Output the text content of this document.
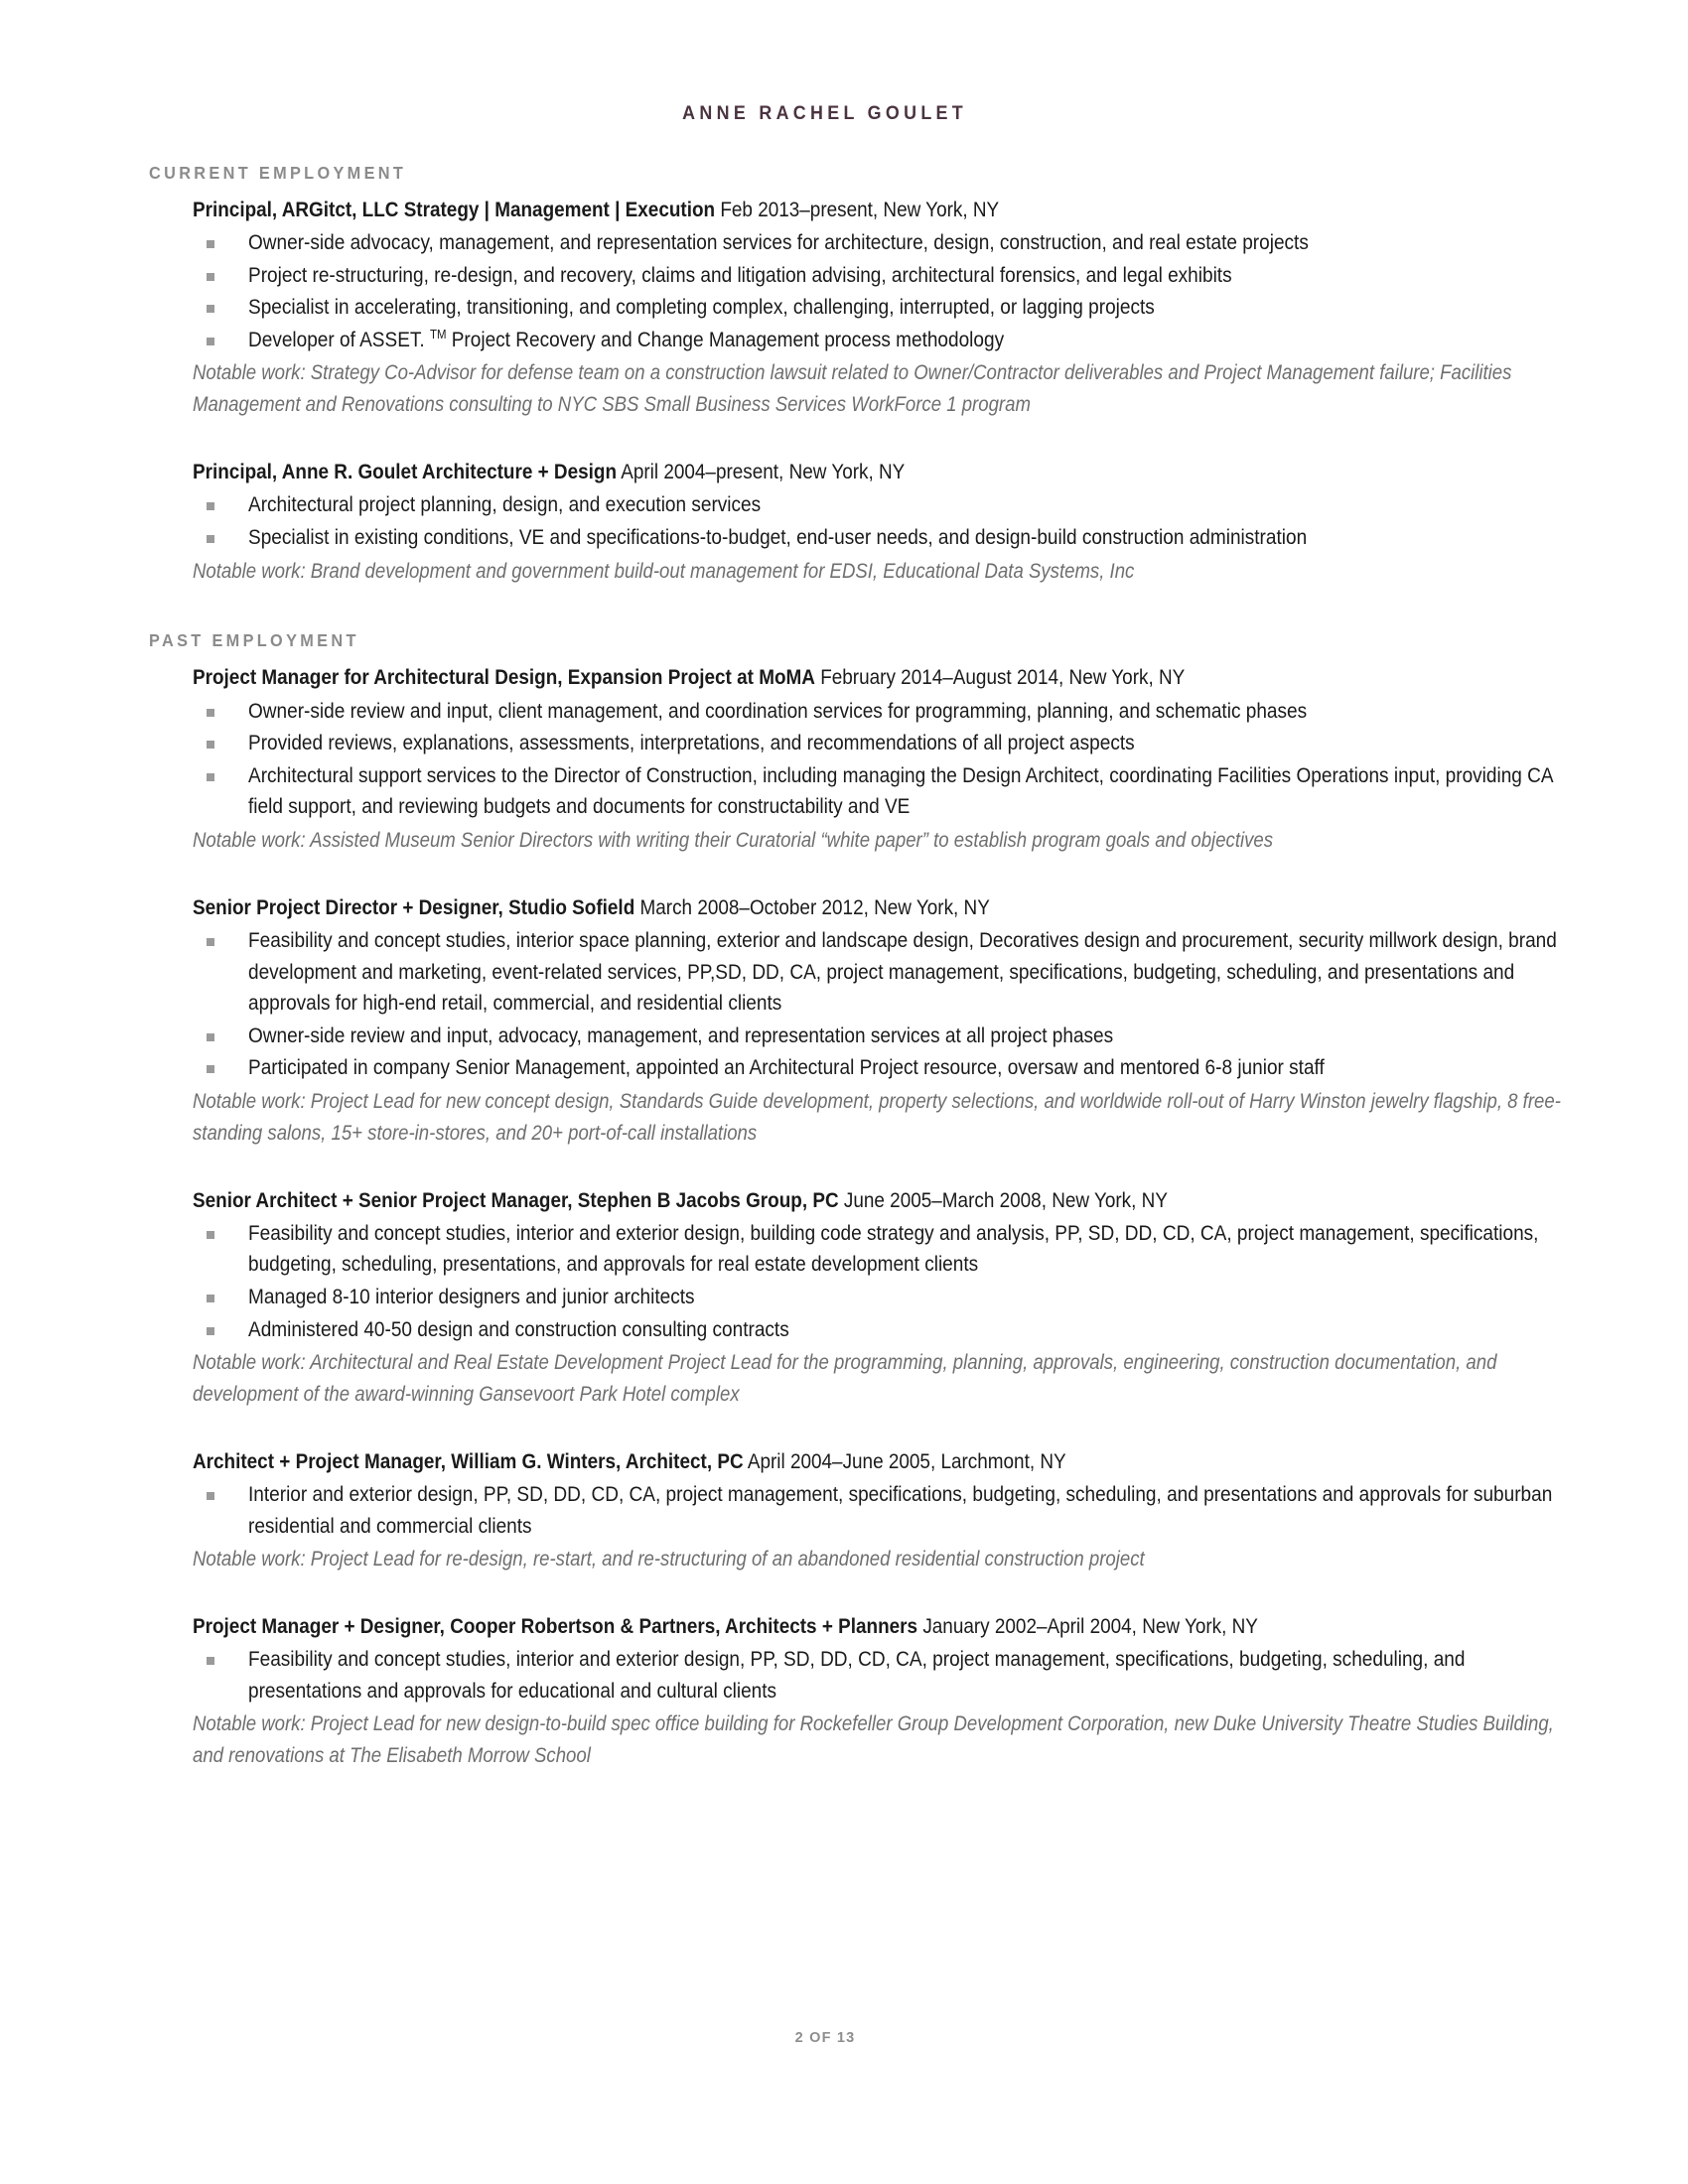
ANNE RACHEL GOULET
CURRENT EMPLOYMENT
Principal, ARGitct, LLC Strategy | Management | Execution Feb 2013–present, New York, NY
Owner-side advocacy, management, and representation services for architecture, design, construction, and real estate projects
Project re-structuring, re-design, and recovery, claims and litigation advising, architectural forensics, and legal exhibits
Specialist in accelerating, transitioning, and completing complex, challenging, interrupted, or lagging projects
Developer of ASSET. ™ Project Recovery and Change Management process methodology
Notable work: Strategy Co-Advisor for defense team on a construction lawsuit related to Owner/Contractor deliverables and Project Management failure; Facilities Management and Renovations consulting to NYC SBS Small Business Services WorkForce 1 program
Principal, Anne R. Goulet Architecture + Design April 2004–present, New York, NY
Architectural project planning, design, and execution services
Specialist in existing conditions, VE and specifications-to-budget, end-user needs, and design-build construction administration
Notable work: Brand development and government build-out management for EDSI, Educational Data Systems, Inc
PAST EMPLOYMENT
Project Manager for Architectural Design, Expansion Project at MoMA February 2014–August 2014, New York, NY
Owner-side review and input, client management, and coordination services for programming, planning, and schematic phases
Provided reviews, explanations, assessments, interpretations, and recommendations of all project aspects
Architectural support services to the Director of Construction, including managing the Design Architect, coordinating Facilities Operations input, providing CA field support, and reviewing budgets and documents for constructability and VE
Notable work: Assisted Museum Senior Directors with writing their Curatorial “white paper” to establish program goals and objectives
Senior Project Director + Designer, Studio Sofield March 2008–October 2012, New York, NY
Feasibility and concept studies, interior space planning, exterior and landscape design, Decoratives design and procurement, security millwork design, brand development and marketing, event-related services, PP,SD, DD, CA, project management, specifications, budgeting, scheduling, and presentations and approvals for high-end retail, commercial, and residential clients
Owner-side review and input, advocacy, management, and representation services at all project phases
Participated in company Senior Management, appointed an Architectural Project resource, oversaw and mentored 6-8 junior staff
Notable work: Project Lead for new concept design, Standards Guide development, property selections, and worldwide roll-out of Harry Winston jewelry flagship, 8 free-standing salons, 15+ store-in-stores, and 20+ port-of-call installations
Senior Architect + Senior Project Manager, Stephen B Jacobs Group, PC June 2005–March 2008, New York, NY
Feasibility and concept studies, interior and exterior design, building code strategy and analysis, PP, SD, DD, CD, CA, project management, specifications, budgeting, scheduling, presentations, and approvals for real estate development clients
Managed 8-10 interior designers and junior architects
Administered 40-50 design and construction consulting contracts
Notable work: Architectural and Real Estate Development Project Lead for the programming, planning, approvals, engineering, construction documentation, and development of the award-winning Gansevoort Park Hotel complex
Architect + Project Manager, William G. Winters, Architect, PC April 2004–June 2005, Larchmont, NY
Interior and exterior design, PP, SD, DD, CD, CA, project management, specifications, budgeting, scheduling, and presentations and approvals for suburban residential and commercial clients
Notable work: Project Lead for re-design, re-start, and re-structuring of an abandoned residential construction project
Project Manager + Designer, Cooper Robertson & Partners, Architects + Planners January 2002–April 2004, New York, NY
Feasibility and concept studies, interior and exterior design, PP, SD, DD, CD, CA, project management, specifications, budgeting, scheduling, and presentations and approvals for educational and cultural clients
Notable work: Project Lead for new design-to-build spec office building for Rockefeller Group Development Corporation, new Duke University Theatre Studies Building, and renovations at The Elisabeth Morrow School
2 OF 13
